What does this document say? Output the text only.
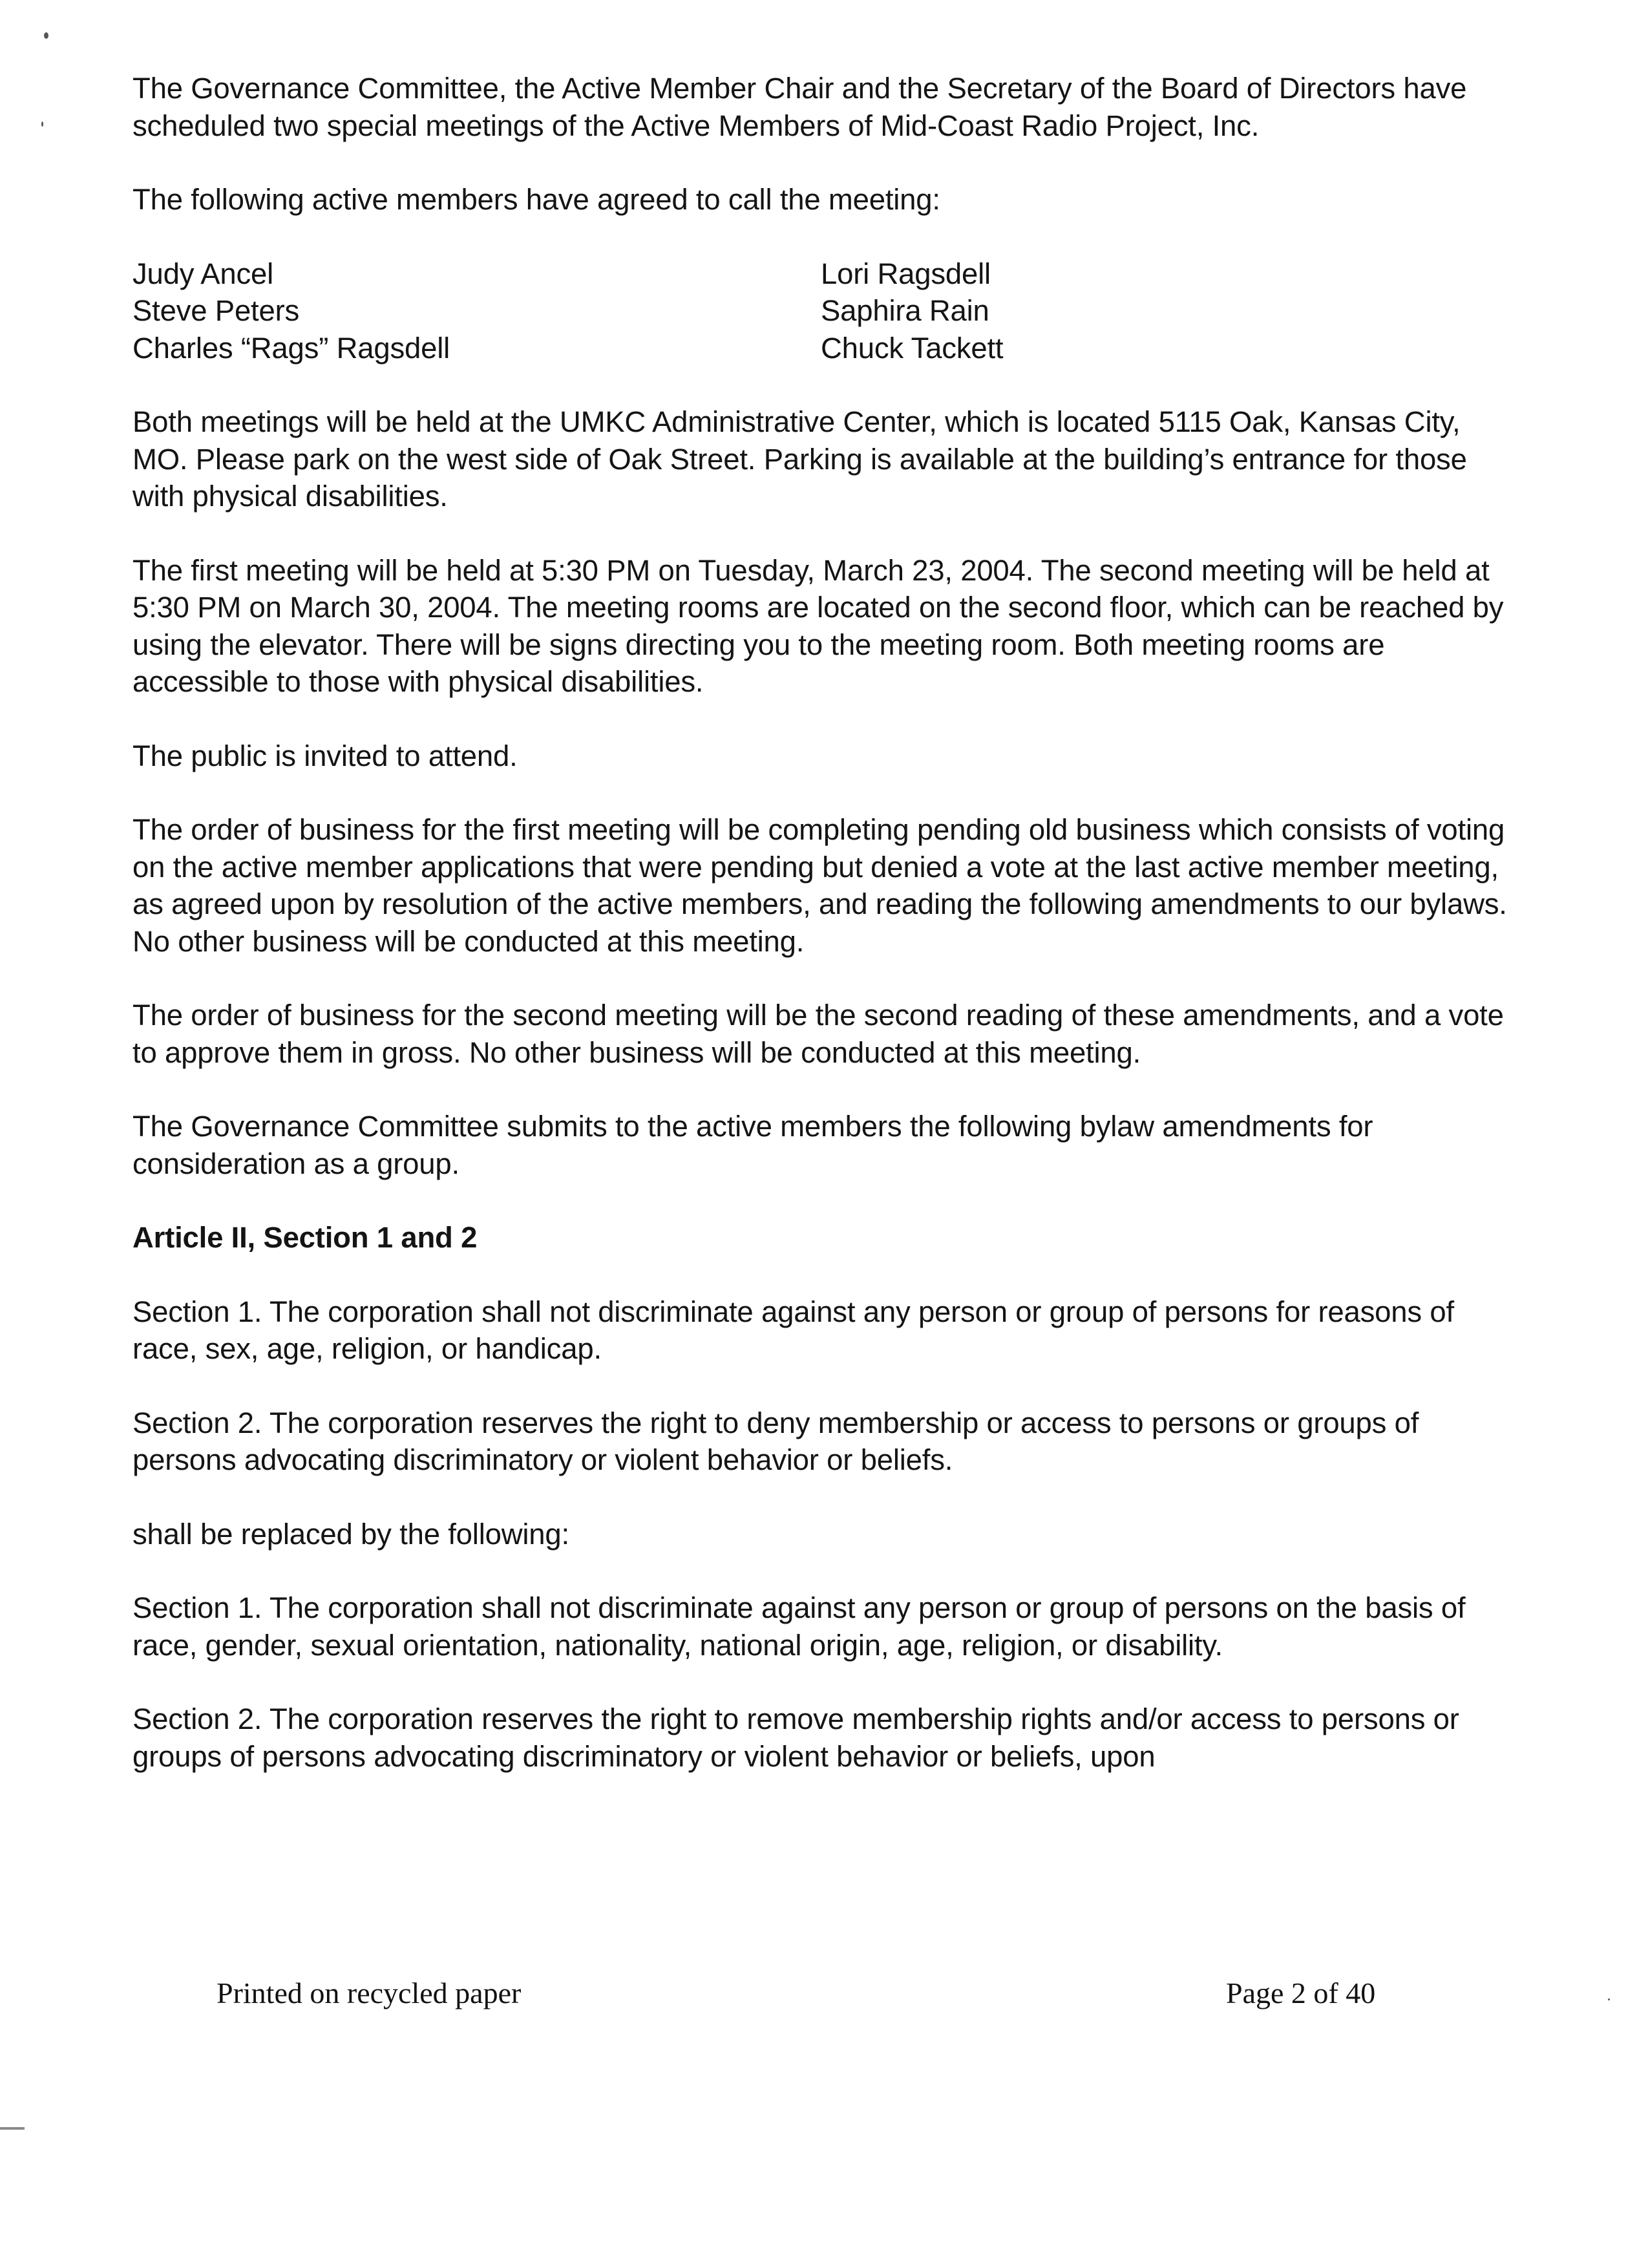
The Governance Committee, the Active Member Chair and the Secretary of the Board of Directors have scheduled two special meetings of the Active Members of Mid-Coast Radio Project, Inc.

The following active members have agreed to call the meeting:

Judy Ancel
Steve Peters
Charles “Rags” Ragsdell
Lori Ragsdell
Saphira Rain
Chuck Tackett

Both meetings will be held at the UMKC Administrative Center, which is located 5115 Oak, Kansas City, MO. Please park on the west side of Oak Street. Parking is available at the building’s entrance for those with physical disabilities.

The first meeting will be held at 5:30 PM on Tuesday, March 23, 2004. The second meeting will be held at 5:30 PM on March 30, 2004. The meeting rooms are located on the second floor, which can be reached by using the elevator. There will be signs directing you to the meeting room. Both meeting rooms are accessible to those with physical disabilities.

The public is invited to attend.

The order of business for the first meeting will be completing pending old business which consists of voting on the active member applications that were pending but denied a vote at the last active member meeting, as agreed upon by resolution of the active members, and reading the following amendments to our bylaws. No other business will be conducted at this meeting.

The order of business for the second meeting will be the second reading of these amendments, and a vote to approve them in gross. No other business will be conducted at this meeting.

The Governance Committee submits to the active members the following bylaw amendments for consideration as a group.

Article II, Section 1 and 2

Section 1. The corporation shall not discriminate against any person or group of persons for reasons of race, sex, age, religion, or handicap.

Section 2. The corporation reserves the right to deny membership or access to persons or groups of persons advocating discriminatory or violent behavior or beliefs.

shall be replaced by the following:

Section 1. The corporation shall not discriminate against any person or group of persons on the basis of race, gender, sexual orientation, nationality, national origin, age, religion, or disability.

Section 2. The corporation reserves the right to remove membership rights and/or access to persons or groups of persons advocating discriminatory or violent behavior or beliefs, upon

Printed on recycled paper	Page 2 of 40
